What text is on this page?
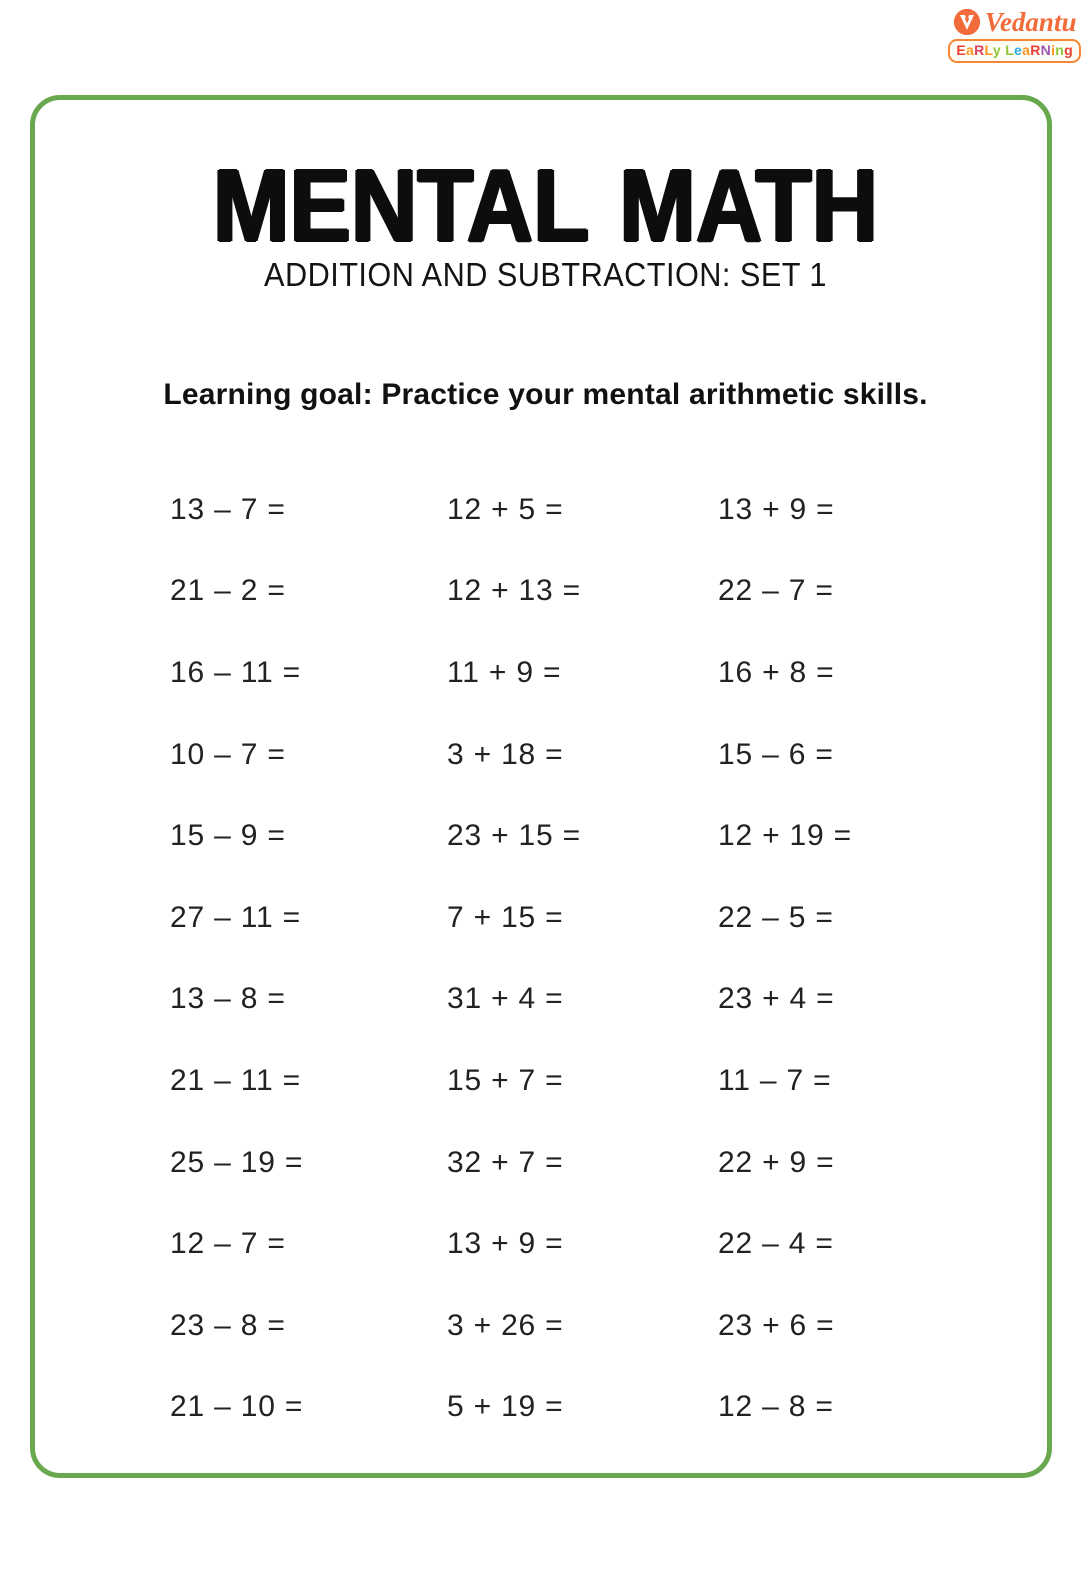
Vedantu
EaRLy LeaRNing
MENTAL MATH
ADDITION AND SUBTRACTION: SET 1

Learning goal: Practice your mental arithmetic skills.

13 – 7 =	12 + 5 =	13 + 9 =
21 – 2 =	12 + 13 =	22 – 7 =
16 – 11 =	11 + 9 =	16 + 8 =
10 – 7 =	3 + 18 =	15 – 6 =
15 – 9 =	23 + 15 =	12 + 19 =
27 – 11 =	7 + 15 =	22 – 5 =
13 – 8 =	31 + 4 =	23 + 4 =
21 – 11 =	15 + 7 =	11 – 7 =
25 – 19 =	32 + 7 =	22 + 9 =
12 – 7 =	13 + 9 =	22 – 4 =
23 – 8 =	3 + 26 =	23 + 6 =
21 – 10 =	5 + 19 =	12 – 8 =
